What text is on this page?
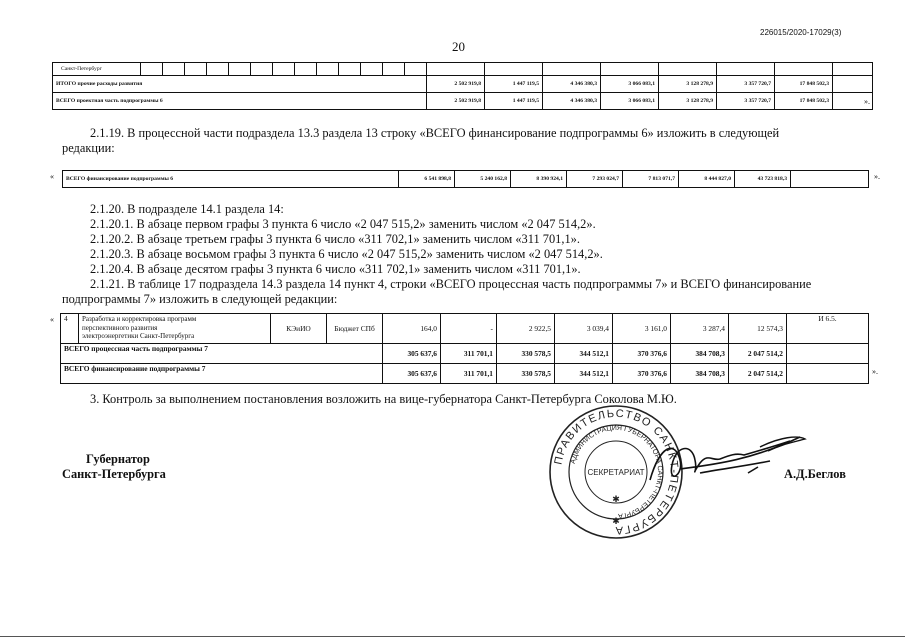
226015/2020-17029(3)
20
Санкт-Петербург																					
ИТОГО прочие расходы развития														2 502 919,8	1 447 119,5	4 346 380,3	3 066 083,1	3 128 278,9	3 357 720,7	17 848 502,3	
ВСЕГО проектная часть подпрограммы 6														2 502 919,8	1 447 119,5	4 346 380,3	3 066 083,1	3 128 278,9	3 357 720,7	17 848 502,3		».
2.1.19. В процессной части подраздела 13.3 раздела 13 строку «ВСЕГО финансирование подпрограммы 6» изложить в следующей
редакции:
« ВСЕГО финансирование подпрограммы 6	6 541 898,8	5 240 162,8	8 390 924,1	7 293 024,7	7 813 071,7	8 444 827,0	43 723 818,3		».
2.1.20. В подразделе 14.1 раздела 14:
2.1.20.1. В абзаце первом графы 3 пункта 6 число «2 047 515,2» заменить числом «2 047 514,2».
2.1.20.2. В абзаце третьем графы 3 пункта 6 число «311 702,1» заменить числом «311 701,1».
2.1.20.3. В абзаце восьмом графы 3 пункта 6 число «2 047 515,2» заменить числом «2 047 514,2».
2.1.20.4. В абзаце десятом графы 3 пункта 6 число «311 702,1» заменить числом «311 701,1».
2.1.21. В таблице 17 подраздела 14.3 раздела 14 пункт 4, строки «ВСЕГО процессная часть подпрограммы 7» и ВСЕГО финансирование
подпрограммы 7» изложить в следующей редакции:
« 4	Разработка и корректировка программ
перспективного развития
электроэнергетики Санкт-Петербурга	КЭиИО	Бюджет СПб	164,0	-	2 922,5	3 039,4	3 161,0	3 287,4	12 574,3	И 6.5.
ВСЕГО процессная часть подпрограммы 7				305 637,6	311 701,1	330 578,5	344 512,1	370 376,6	384 708,3	2 047 514,2	
ВСЕГО финансирование подпрограммы 7				305 637,6	311 701,1	330 578,5	344 512,1	370 376,6	384 708,3	2 047 514,2		».
3. Контроль за выполнением постановления возложить на вице-губернатора Санкт-Петербурга Соколова М.Ю.
Губернатор
Санкт-Петербурга	А.Д.Беглов
ПРАВИТЕЛЬСТВО САНКТ-ПЕТЕРБУРГА
АДМИНИСТРАЦИЯ ГУБЕРНАТОРА САНКТ-ПЕТЕРБУРГА
СЕКРЕТАРИАТ
✱
✱
